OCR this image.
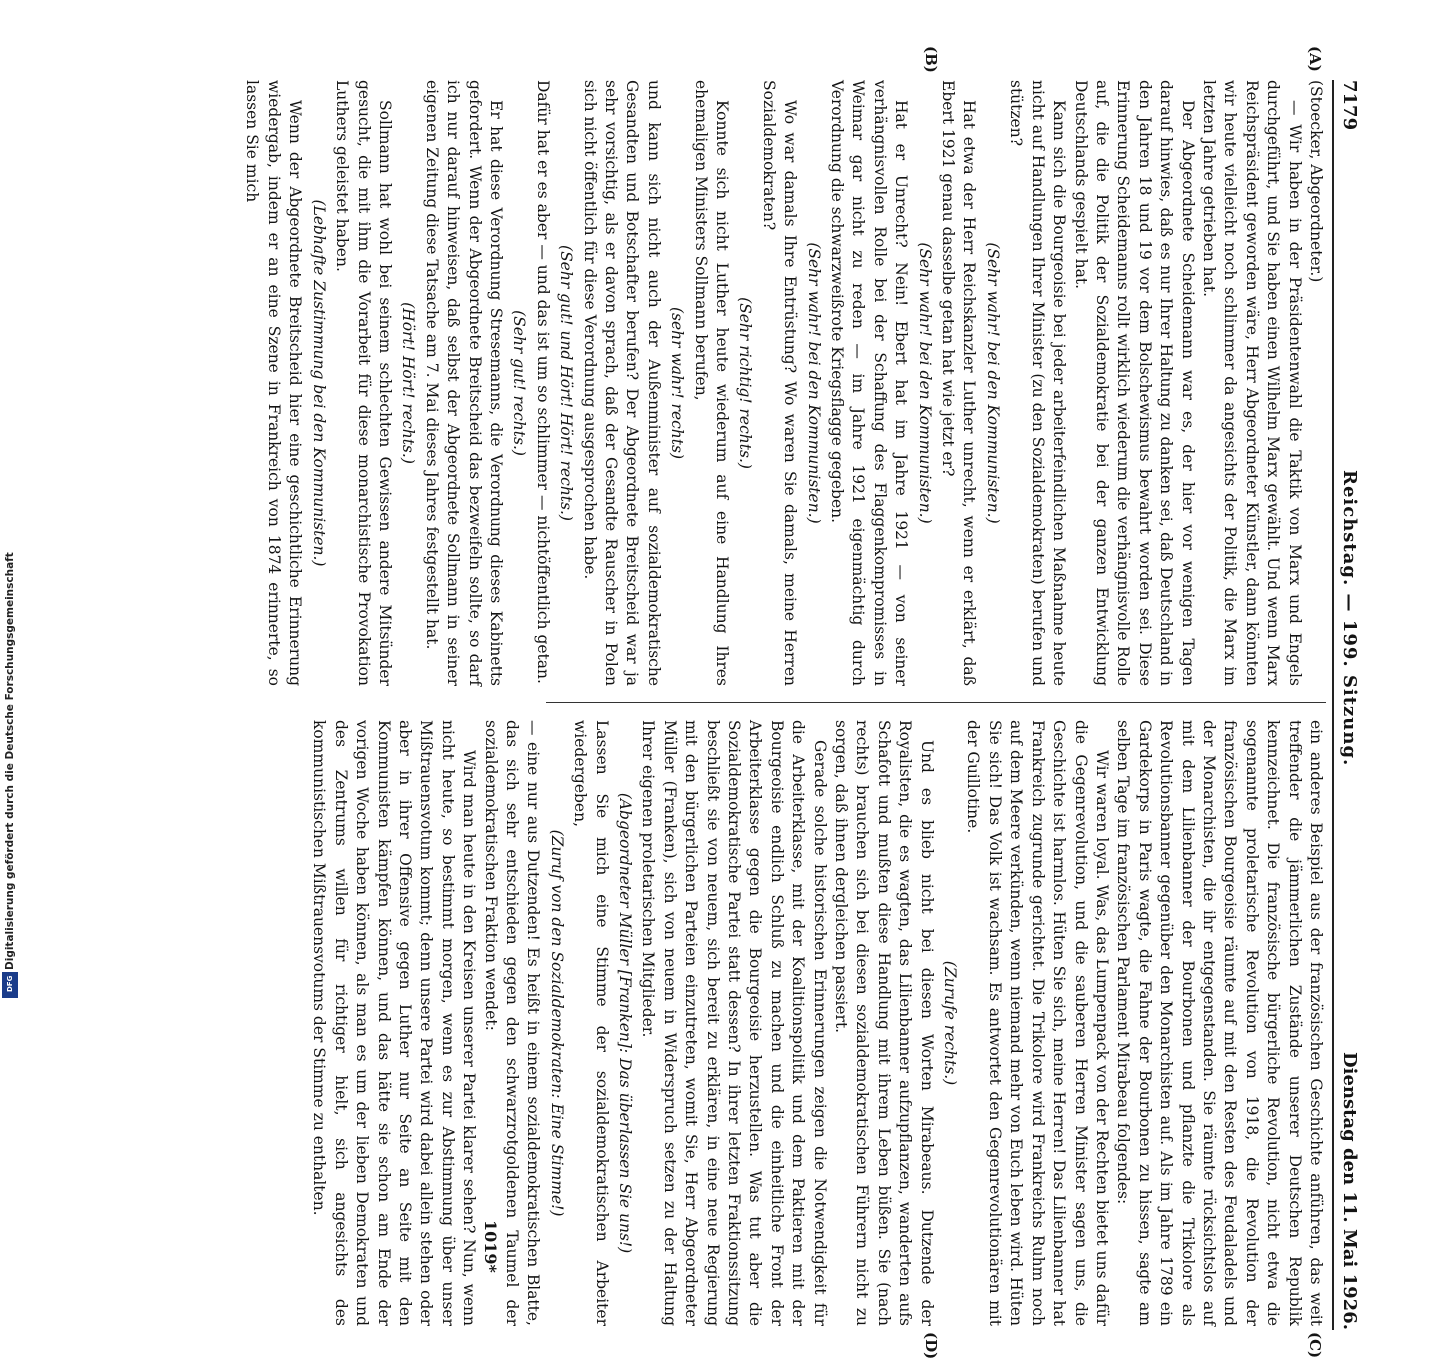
7179
Reichstag. — 199. Sitzung.
Dienstag den 11. Mai 1926.

(Stoecker, Abgeordneter.)

— Wir haben in der Präsidentenwahl die Taktik von Marx und Engels durchgeführt, und Sie haben einen Wilhelm Marx gewählt. Und wenn Marx Reichspräsident geworden wäre, Herr Abgeordneter Künstler, dann könnten wir heute vielleicht noch schlimmer da angesichts der Politik, die Marx im letzten Jahre getrieben hat.

Der Abgeordnete Scheidemann war es, der hier vor wenigen Tagen darauf hinwies, daß es nur Ihrer Haltung zu danken sei, daß Deutschland in den Jahren 18 und 19 vor dem Bolschewismus bewahrt worden sei. Diese Erinnerung Scheidemanns rollt wirklich wiederum die verhängnisvolle Rolle auf, die die Politik der Sozialdemokratie bei der ganzen Entwicklung Deutschlands gespielt hat.

Kann sich die Bourgeoisie bei jeder arbeiterfeindlichen Maßnahme heute nicht auf Handlungen Ihrer Minister (zu den Sozialdemokraten) berufen und stützen?

(Sehr wahr! bei den Kommunisten.)

Hat etwa der Herr Reichskanzler Luther unrecht, wenn er erklärt, daß Ebert 1921 genau dasselbe getan hat wie jetzt er?

(Sehr wahr! bei den Kommunisten.)

Hat er Unrecht? Nein! Ebert hat im Jahre 1921 — von seiner verhängnisvollen Rolle bei der Schaffung des Flaggenkompromisses in Weimar gar nicht zu reden — im Jahre 1921 eigenmächtig durch Verordnung die schwarzweißrote Kriegsflagge gegeben.

(Sehr wahr! bei den Kommunisten.)

Wo war damals Ihre Entrüstung? Wo waren Sie damals, meine Herren Sozialdemokraten?

(Sehr richtig! rechts.)

Konnte sich nicht Luther heute wiederum auf eine Handlung Ihres ehemaligen Ministers Sollmann berufen,

(sehr wahr! rechts)

und kann sich nicht auch der Außenminister auf sozialdemokratische Gesandten und Botschafter berufen? Der Abgeordnete Breitscheid war ja sehr vorsichtig, als er davon sprach, daß der Gesandte Rauscher in Polen sich nicht öffentlich für diese Verordnung ausgesprochen habe.

(Sehr gut! und Hört! Hört! rechts.)

Dafür hat er es aber — und das ist um so schlimmer — nichtöffentlich getan.

(Sehr gut! rechts.)

Er hat diese Verordnung Stresemanns, die Verordnung dieses Kabinetts gefordert. Wenn der Abgeordnete Breitscheid das bezweifeln sollte, so darf ich nur darauf hinweisen, daß selbst der Abgeordnete Sollmann in seiner eigenen Zeitung diese Tatsache am 7. Mai dieses Jahres festgestellt hat.

(Hört! Hört! rechts.)

Sollmann hat wohl bei seinem schlechten Gewissen andere Mitsünder gesucht, die mit ihm die Vorarbeit für diese monarchistische Provokation Luthers geleistet haben.

(Lebhafte Zustimmung bei den Kommunisten.)

Wenn der Abgeordnete Breitscheid hier eine geschichtliche Erinnerung wiedergab, indem er an eine Szene in Frankreich von 1874 erinnerte, so lassen Sie mich

ein anderes Beispiel aus der französischen Geschichte anführen, das weit treffender die jämmerlichen Zustände unserer Deutschen Republik kennzeichnet. Die französische bürgerliche Revolution, nicht etwa die sogenannte proletarische Revolution von 1918, die Revolution der französischen Bourgeoisie räumte auf mit den Resten des Feudaladels und der Monarchisten, die ihr entgegenstanden. Sie räumte rücksichtslos auf mit dem Lilienbanner der Bourbonen und pflanzte die Trikolore als Revolutionsbanner gegenüber den Monarchisten auf. Als im Jahre 1789 ein Gardekorps in Paris wagte, die Fahne der Bourbonen zu hissen, sagte am selben Tage im französischen Parlament Mirabeau folgendes:

Wir waren loyal. Was, das Lumpenpack von der Rechten bietet uns dafür die Gegenrevolution, und die sauberen Herren Minister sagen uns, die Geschichte ist harmlos. Hüten Sie sich, meine Herren! Das Lilienbanner hat Frankreich zugrunde gerichtet. Die Trikolore wird Frankreichs Ruhm noch auf dem Meere verkünden, wenn niemand mehr von Euch leben wird. Hüten Sie sich! Das Volk ist wachsam. Es antwortet den Gegenrevolutionären mit der Guillotine.

(Zurufe rechts.)

Und es blieb nicht bei diesen Worten Mirabeaus. Dutzende der Royalisten, die es wagten, das Lilienbanner aufzupflanzen, wanderten aufs Schafott und mußten diese Handlung mit ihrem Leben büßen. Sie (nach rechts) brauchen sich bei diesen sozialdemokratischen Führern nicht zu sorgen, daß ihnen dergleichen passiert.

Gerade solche historischen Erinnerungen zeigen die Notwendigkeit für die Arbeiterklasse, mit der Koalitionspolitik und dem Paktieren mit der Bourgeoisie endlich Schluß zu machen und die einheitliche Front der Arbeiterklasse gegen die Bourgeoisie herzustellen. Was tut aber die Sozialdemokratische Partei statt dessen? In ihrer letzten Fraktionssitzung beschließt sie von neuem, sich bereit zu erklären, in eine neue Regierung mit den bürgerlichen Parteien einzutreten, womit Sie, Herr Abgeordneter Müller (Franken), sich von neuem in Widerspruch setzen zu der Haltung Ihrer eigenen proletarischen Mitglieder.

(Abgeordneter Müller [Franken]: Das überlassen Sie uns!)

Lassen Sie mich eine Stimme der sozialdemokratischen Arbeiter wiedergeben,

(Zuruf von den Sozialdemokraten: Eine Stimme!)

— eine nur aus Dutzenden! Es heißt in einem sozialdemokratischen Blatte, das sich sehr entschieden gegen den schwarzrotgoldenen Taumel der sozialdemokratischen Fraktion wendet:

Wird man heute in den Kreisen unserer Partei klarer sehen? Nun, wenn nicht heute, so bestimmt morgen, wenn es zur Abstimmung über unser Mißtrauensvotum kommt; denn unsere Partei wird dabei allein stehen oder aber in ihrer Offensive gegen Luther nur Seite an Seite mit den Kommunisten kämpfen können, und das hätte sie schon am Ende der vorigen Woche haben können, als man es um der lieben Demokraten und des Zentrums willen für richtiger hielt, sich angesichts des kommunistischen Mißtrauensvotums der Stimme zu enthalten.

(A)
(B)
(C)
(D)
1019*
Digitalisierung gefördert durch die Deutsche Forschungsgemeinschaft
DFG
